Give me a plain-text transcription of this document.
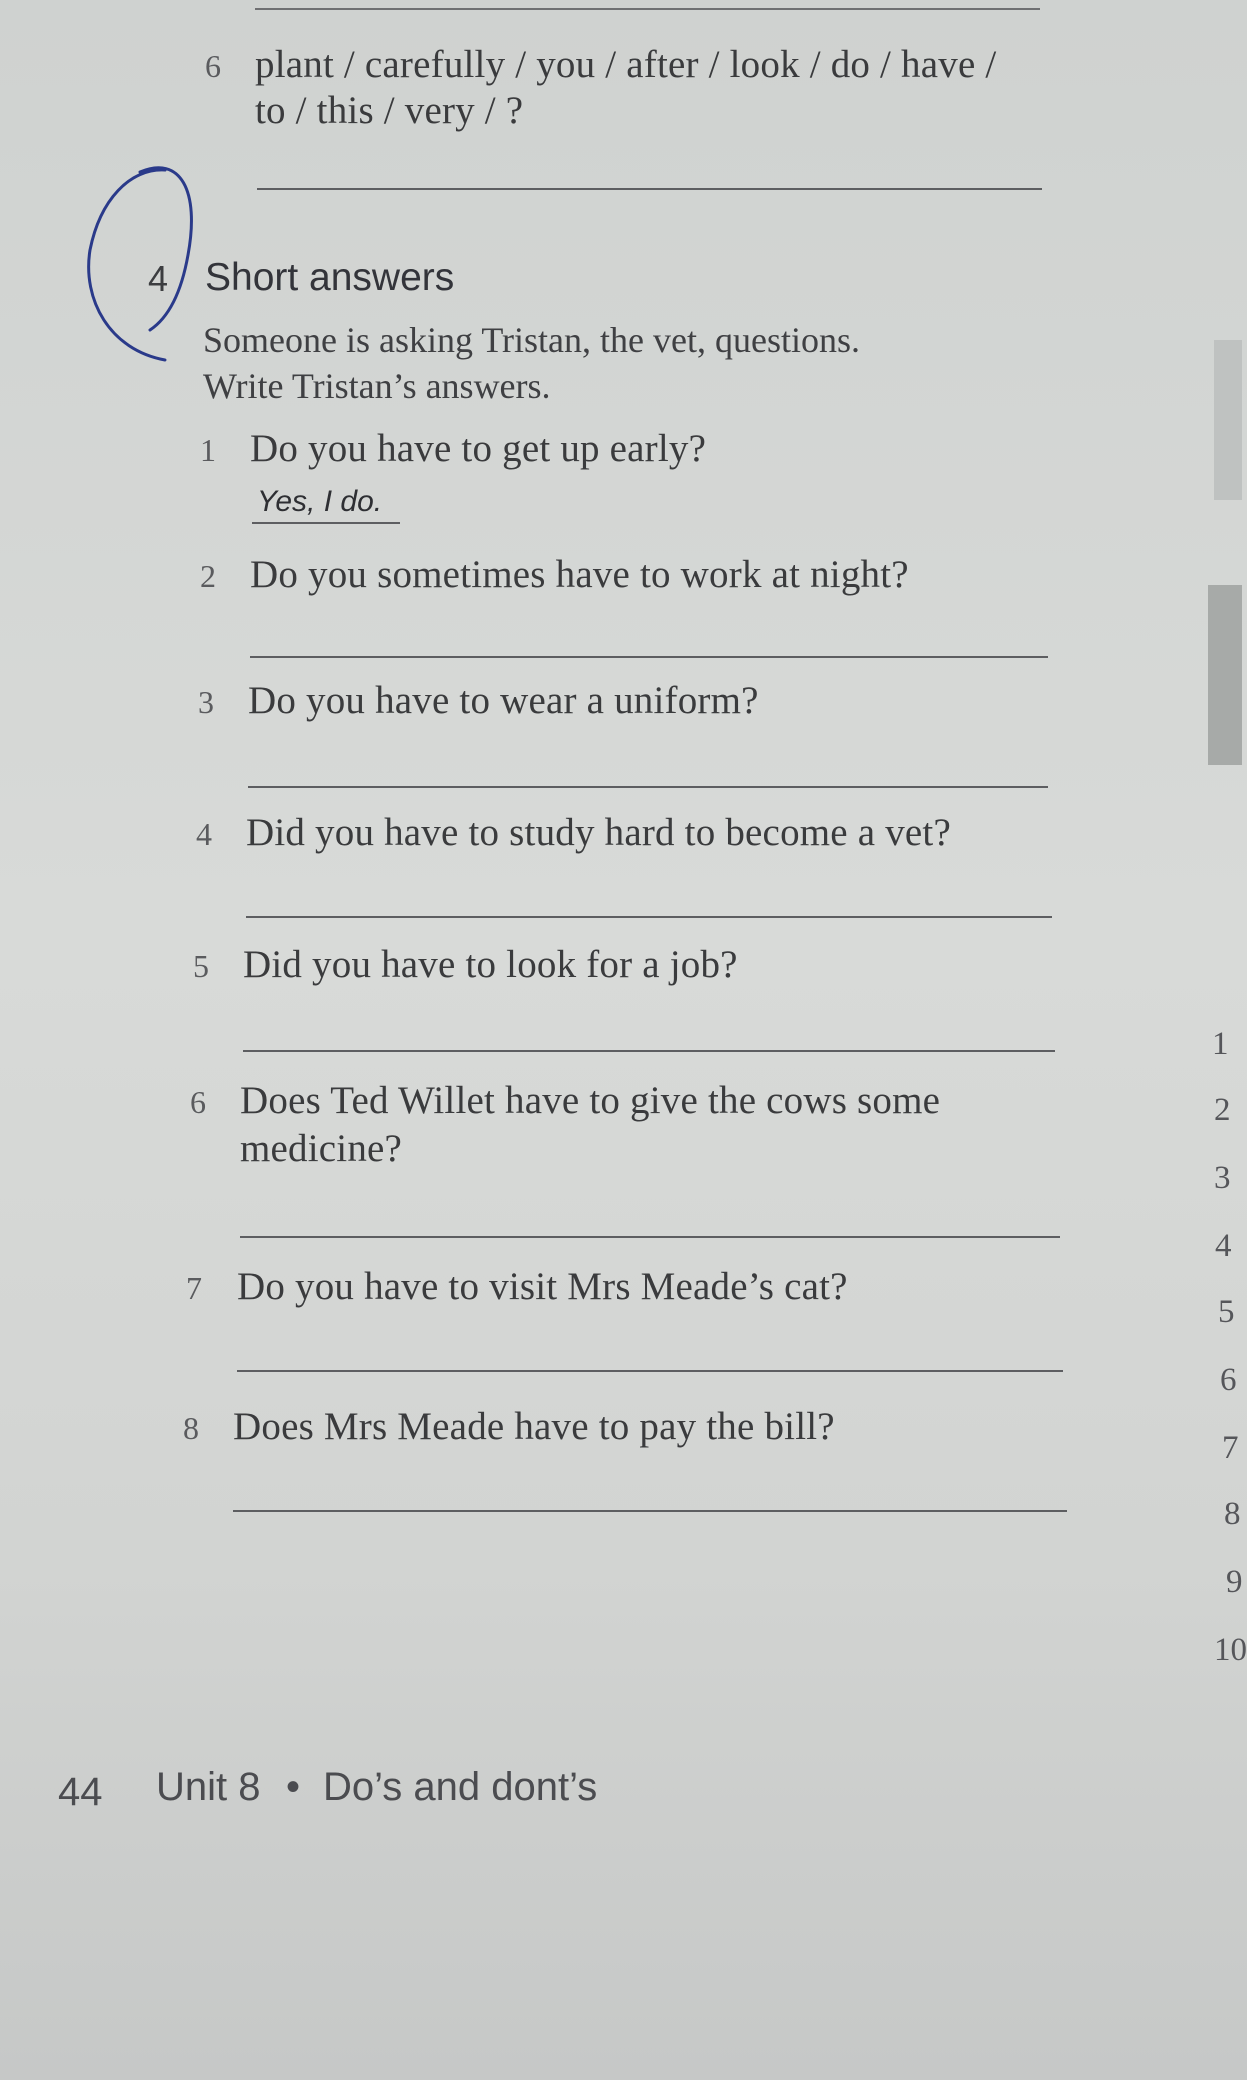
6 plant / carefully / you / after / look / do / have /
to / this / very / ?
4 Short answers
Someone is asking Tristan, the vet, questions.
Write Tristan’s answers.
1 Do you have to get up early?
Yes, I do.
2 Do you sometimes have to work at night?
3 Do you have to wear a uniform?
4 Did you have to study hard to become a vet?
5 Did you have to look for a job?
6 Does Ted Willet have to give the cows some
medicine?
7 Do you have to visit Mrs Meade’s cat?
8 Does Mrs Meade have to pay the bill?
44 Unit 8 • Do’s and dont’s
1
2
3
4
5
6
7
8
9
10
